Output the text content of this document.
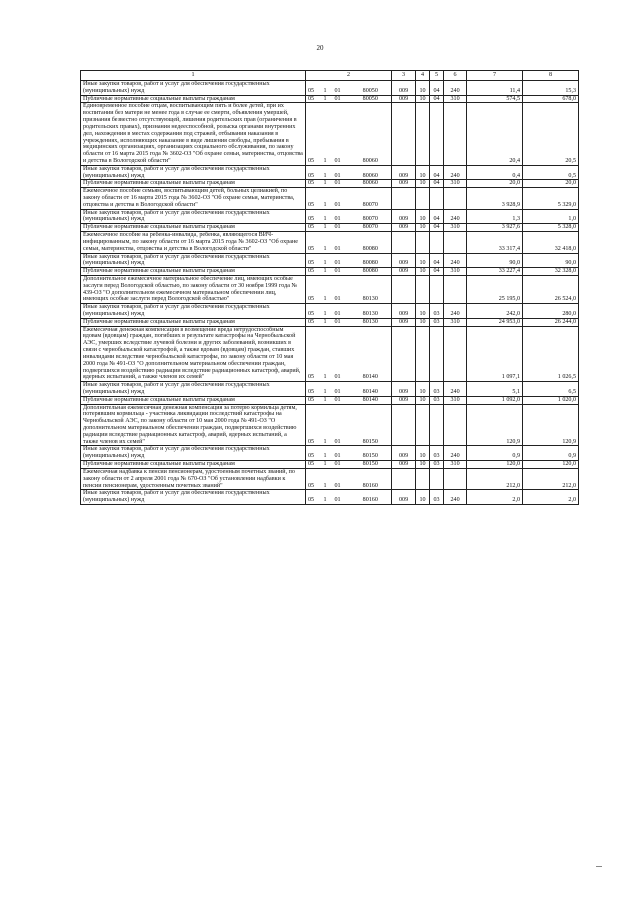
20
1	2				3	4	5	6	7	8
Иные закупки товаров, работ и услуг для обеспечения государственных (муниципальных) нужд	05	1	01	80050	009	10	04	240	11,4	15,3
Публичные нормативные социальные выплаты гражданам	05	1	01	80050	009	10	04	310	574,5	678,0
Единовременное пособие отцам, воспитывающим пять и более детей, при их воспитании без матери не менее года в случае ее смерти, объявления умершей, признания безвестно отсутствующей, лишения родительских прав (ограничения в родительских правах), признания недееспособной, розыска органами внутренних дел, нахождения в местах содержания под стражей, отбывания наказания в учреждениях, исполняющих наказание в виде лишения свободы, пребывания в медицинских организациях, организациях социального обслуживания, по закону области от 16 марта 2015 года № 3602-ОЗ "Об охране семьи, материнства, отцовства и детства в Вологодской области"	05	1	01	80060					20,4	20,5
Иные закупки товаров, работ и услуг для обеспечения государственных (муниципальных) нужд	05	1	01	80060	009	10	04	240	0,4	0,5
Публичные нормативные социальные выплаты гражданам	05	1	01	80060	009	10	04	310	20,0	20,0
Ежемесячное пособие семьям, воспитывающим детей, больных целиакией, по закону области от 16 марта 2015 года № 3602-ОЗ "Об охране семьи, материнства, отцовства и детства в Вологодской области"	05	1	01	80070					3 928,9	5 329,0
Иные закупки товаров, работ и услуг для обеспечения государственных (муниципальных) нужд	05	1	01	80070	009	10	04	240	1,3	1,0
Публичные нормативные социальные выплаты гражданам	05	1	01	80070	009	10	04	310	3 927,6	5 328,0
Ежемесячное пособие на ребенка-инвалида, ребенка, являющегося ВИЧ-инфицированным, по закону области от 16 марта 2015 года № 3602-ОЗ "Об охране семьи, материнства, отцовства и детства в Вологодской области"	05	1	01	80080					33 317,4	32 418,0
Иные закупки товаров, работ и услуг для обеспечения государственных (муниципальных) нужд	05	1	01	80080	009	10	04	240	90,0	90,0
Публичные нормативные социальные выплаты гражданам	05	1	01	80080	009	10	04	310	33 227,4	32 328,0
Дополнительное ежемесячное материальное обеспечение лиц, имеющих особые заслуги перед Вологодской областью, по закону области от 30 ноября 1999 года № 439-ОЗ "О дополнительном ежемесячном материальном обеспечении лиц, имеющих особые заслуги перед Вологодской областью"	05	1	01	80130					25 195,0	26 524,0
Иные закупки товаров, работ и услуг для обеспечения государственных (муниципальных) нужд	05	1	01	80130	009	10	03	240	242,0	280,0
Публичные нормативные социальные выплаты гражданам	05	1	01	80130	009	10	03	310	24 953,0	26 244,0
Ежемесячная денежная компенсация в возмещение вреда нетрудоспособным вдовам (вдовцам) граждан, погибших в результате катастрофы на Чернобыльской АЭС, умерших вследствие лучевой болезни и других заболеваний, возникших в связи с чернобыльской катастрофой, а также вдовам (вдовцам) граждан, ставших инвалидами вследствие чернобыльской катастрофы, по закону области от 10 мая 2000 года № 491-ОЗ "О дополнительном материальном обеспечении граждан, подвергшихся воздействию радиации вследствие радиационных катастроф, аварий, ядерных испытаний, а также членов их семей"	05	1	01	80140					1 097,1	1 026,5
Иные закупки товаров, работ и услуг для обеспечения государственных (муниципальных) нужд	05	1	01	80140	009	10	03	240	5,1	6,5
Публичные нормативные социальные выплаты гражданам	05	1	01	80140	009	10	03	310	1 092,0	1 020,0
Дополнительная ежемесячная денежная компенсация за потерю кормильца детям, потерявшим кормильца - участника ликвидации последствий катастрофы на Чернобыльской АЭС, по закону области от 10 мая 2000 года № 491-ОЗ "О дополнительном материальном обеспечении граждан, подвергшихся воздействию радиации вследствие радиационных катастроф, аварий, ядерных испытаний, а также членов их семей"	05	1	01	80150					120,9	120,9
Иные закупки товаров, работ и услуг для обеспечения государственных (муниципальных) нужд	05	1	01	80150	009	10	03	240	0,9	0,9
Публичные нормативные социальные выплаты гражданам	05	1	01	80150	009	10	03	310	120,0	120,0
Ежемесячная надбавка к пенсии пенсионерам, удостоенным почетных званий, по закону области от 2 апреля 2001 года № 670-ОЗ "Об установлении надбавки к пенсии пенсионерам, удостоенным почетных званий"	05	1	01	80160					212,0	212,0
Иные закупки товаров, работ и услуг для обеспечения государственных (муниципальных) нужд	05	1	01	80160	009	10	03	240	2,0	2,0
